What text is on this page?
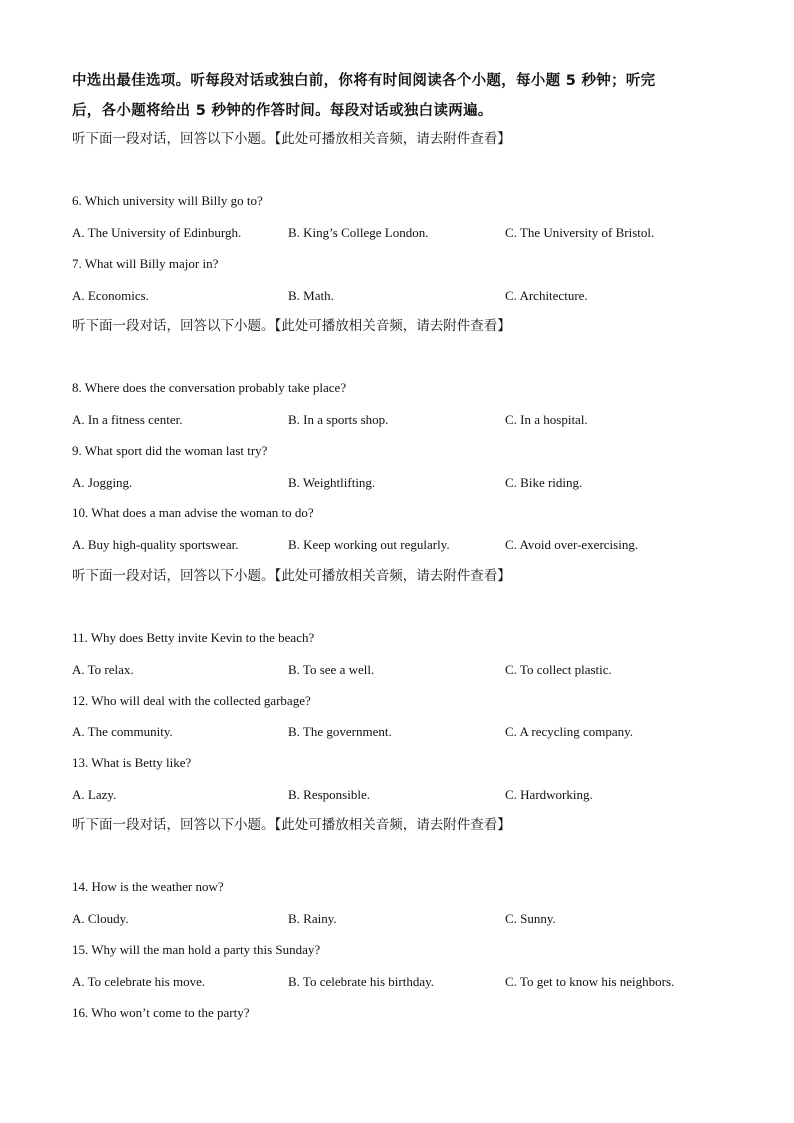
中选出最佳选项。听每段对话或独白前，你将有时间阅读各个小题，每小题 5 秒钟；听完
后，各小题将给出 5 秒钟的作答时间。每段对话或独白读两遍。
听下面一段对话，回答以下小题。【此处可播放相关音频，请去附件查看】
6. Which university will Billy go to?
A. The University of Edinburgh.	B. King’s College London.	C. The University of Bristol.
7. What will Billy major in?
A. Economics.	B. Math.	C. Architecture.
听下面一段对话，回答以下小题。【此处可播放相关音频，请去附件查看】
8. Where does the conversation probably take place?
A. In a fitness center.	B. In a sports shop.	C. In a hospital.
9. What sport did the woman last try?
A. Jogging.	B. Weightlifting.	C. Bike riding.
10. What does a man advise the woman to do?
A. Buy high-quality sportswear.	B. Keep working out regularly.	C. Avoid over-exercising.
听下面一段对话，回答以下小题。【此处可播放相关音频，请去附件查看】
11. Why does Betty invite Kevin to the beach?
A. To relax.	B. To see a well.	C. To collect plastic.
12. Who will deal with the collected garbage?
A. The community.	B. The government.	C. A recycling company.
13. What is Betty like?
A. Lazy.	B. Responsible.	C. Hardworking.
听下面一段对话，回答以下小题。【此处可播放相关音频，请去附件查看】
14. How is the weather now?
A. Cloudy.	B. Rainy.	C. Sunny.
15. Why will the man hold a party this Sunday?
A. To celebrate his move.	B. To celebrate his birthday.	C. To get to know his neighbors.
16. Who won’t come to the party?
